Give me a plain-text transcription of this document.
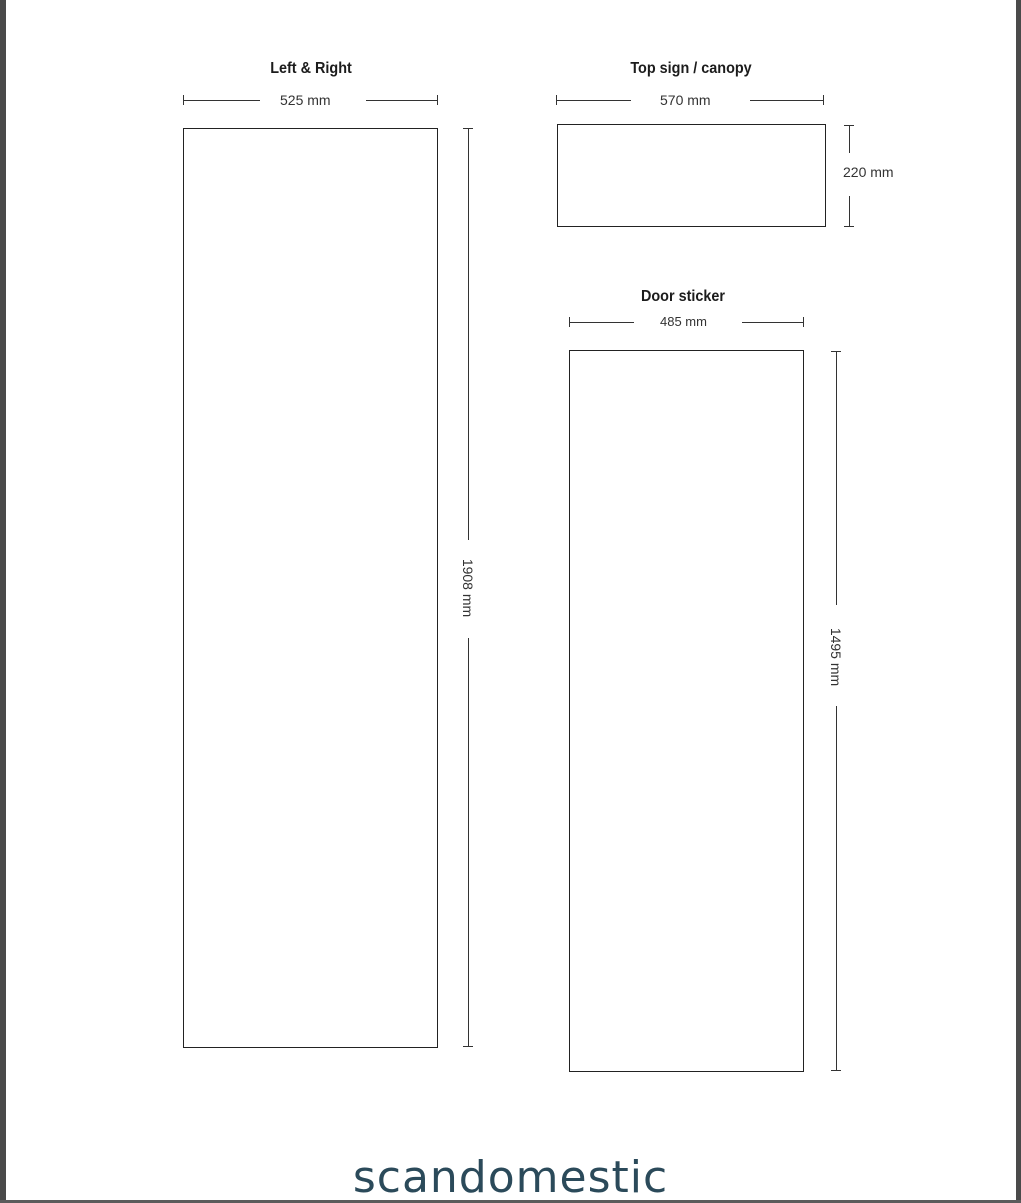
Left & Right
525 mm
1908 mm
Top sign / canopy
570 mm
220 mm
Door sticker
485 mm
1495 mm
scandomestic
